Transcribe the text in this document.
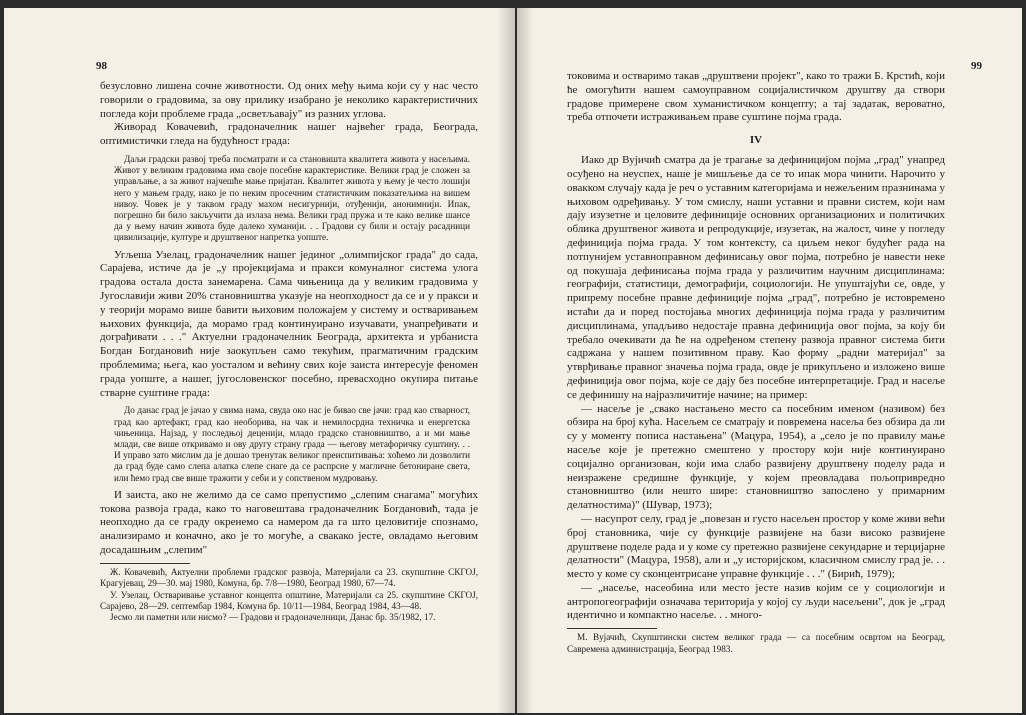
98

безусловно лишена сочне животности. Од оних међу њима који су у нас често говорили о градовима, за ову прилику изабрано је неколико карактеристичних погледа који проблеме града „осветљавају" из разних углова.

Живорад Ковачевић, градоначелник нашег највећег града, Београда, оптимистички гледа на будућност града:

Даљи градски развој треба посматрати и са становишта квалитета живота у насељима. Живот у великим градовима има своје посебне карактеристике. Велики град је сложен за управљање, а за живот најчешће мање пријатан. Квалитет живота у њему је често лошији него у мањем граду, иако је по неким просечним статистичким показатељима на вишем нивоу. Човек је у таквом граду махом несигурнији, отуђенији, анонимнији. Ипак, погрешно би било закључити да излаза нема. Велики град пружа и те како велике шансе да у њему начин живота буде далеко хуманији. . . Градови су били и остају расадници цивилизације, културе и друштвеног напретка уопште.

Угљеша Узелац, градоначелник нашег јединог „олимпијског града" до сада, Сарајева, истиче да је „у пројекцијама и пракси комуналног система улога градова остала доста занемарена. Сама чињеница да у великим градовима у Југославији живи 20% становништва указује на неопходност да се и у пракси и у теорији морамо више бавити њиховим положајем у систему и остваривањем њихових функција, да морамо град континуирано изучавати, унапређивати и дограђивати . . ." Актуелни градоначелник Београда, архитекта и урбаниста Богдан Богдановић није заокупљен само текућим, прагматичним градским проблемима; њега, као уосталом и већину свих које заиста интересује феномен града уопште, а нашег, југословенског посебно, превасходно окупира питање стварне суштине града:

До данас град је јачао у свима нама, свуда око нас је бивао све јачи: град као стварност, град као артефакт, град као необорива, на чак и немилосрдна техничка и енергетска чињеница. Најзад, у последњој деценији, младо градско становништво, а и ми мање млади, све више откривамо и ову другу страну града — његову метафоричку суштину. . . И управо зато мислим да је дошао тренутак великог преиспитивања: хоћемо ли дозволити да град буде само слепа алатка слепе снаге да се распрсне у магличне бетониране света, или ћемо град све више тражити у себи и у сопственом мудровању.

И заиста, ако не желимо да се само препустимо „слепим снагама" могућих токова развоја града, како то наговештава градоначелник Богдановић, тада је неопходно да се граду окренемо са намером да га што целовитије спознамо, анализирамо и коначно, ако је то могуће, а свакако јесте, овладамо његовим досадашњим „слепим"

Ж. Ковачевић, Актуелни проблеми градског развоја, Материјали са 23. скупштине СКГОЈ, Крагујевац, 29—30. мај 1980, Комуна, бр. 7/8—1980, Београд 1980, 67—74.

У. Узелац, Остваривање уставног концепта општине, Материјали са 25. скупштине СКГОЈ, Сарајево, 28—29. септембар 1984, Комуна бр. 10/11—1984, Београд 1984, 43—48.

Јесмо ли паметни или нисмо? — Градови и градоначелници, Данас бр. 35/1982, 17.

99

токовима и остваримо такав „друштвени пројект", како то тражи Б. Крстић, који ће омогућити нашем самоуправном социјалистичком друштву да створи градове примерене свом хуманистичком концепту; а тај задатак, вероватно, треба отпочети истраживањем праве суштине појма града.

IV

Иако др Вујичић сматра да је трагање за дефиницијом појма „град" унапред осуђено на неуспех, наше је мишљење да се то ипак мора чинити. Нарочито у овакком случају када је реч о уставним категоријама и нежељеним празнинама у њиховом одређивању. У том смислу, наши уставни и правни систем, који нам дају изузетне и целовите дефиниције основних организационих и политичких облика друштвеног живота и репродукције, изузетак, на жалост, чине у погледу дефиниција појма града. У том контексту, са циљем неког будућег рада на потпунијем уставноправном дефинисању овог појма, потребно је навести неке од покушаја дефинисања појма града у различитим научним дисциплинама: географији, статистици, демографији, социологији. Не упуштајући се, овде, у припрему посебне правне дефиниције појма „град", потребно је истовремено истаћи да и поред постојања многих дефиниција појма града у различитим дисциплинама, упадљиво недостаје правна дефиниција овог појма, за коју би требало очекивати да ће на одређеном степену развоја правног система бити садржана у нашем позитивном праву. Као форму „радни материјал" за утврђивање правног значења појма града, овде је прикупљено и изложено више дефиниција овог појма, које се дају без посебне интерпретације. Град и насеље се дефинишу на најразличитије начине; на пример:

— насеље је „свако настањено место са посебним именом (називом) без обзира на број кућа. Насељем се сматрају и повремена насеља без обзира да ли су у моменту пописа настањена" (Мацура, 1954), а „село је по правилу мање насеље које је претежно смештено у простору који није континуирано социјално организован, који има слабо развијену друштвену поделу рада и неизражене средишне функције, у којем преовладава пољопривредно становништво (или нешто шире: становништво запослено у примарним делатностима)" (Шувар, 1973);

— насупрот селу, град је „повезан и густо насељен простор у коме живи већи број становника, чије су функције развијене на бази високо развијене друштвене поделе рада и у коме су претежно развијене секундарне и терцијарне делатности" (Мацура, 1958), али и „у историјском, класичном смислу град је. . . место у коме су сконцентрисане управне функције . . ." (Бирић, 1979);

— „насеље, насеобина или место јесте назив којим се у социологији и антропогеографији означава територија у којој су људи насељени", док је „град идентично и компактно насеље. . . много-

М. Вујачић, Скупштински систем великог града — са посебним освртом на Београд, Савремена администрација, Београд 1983.
